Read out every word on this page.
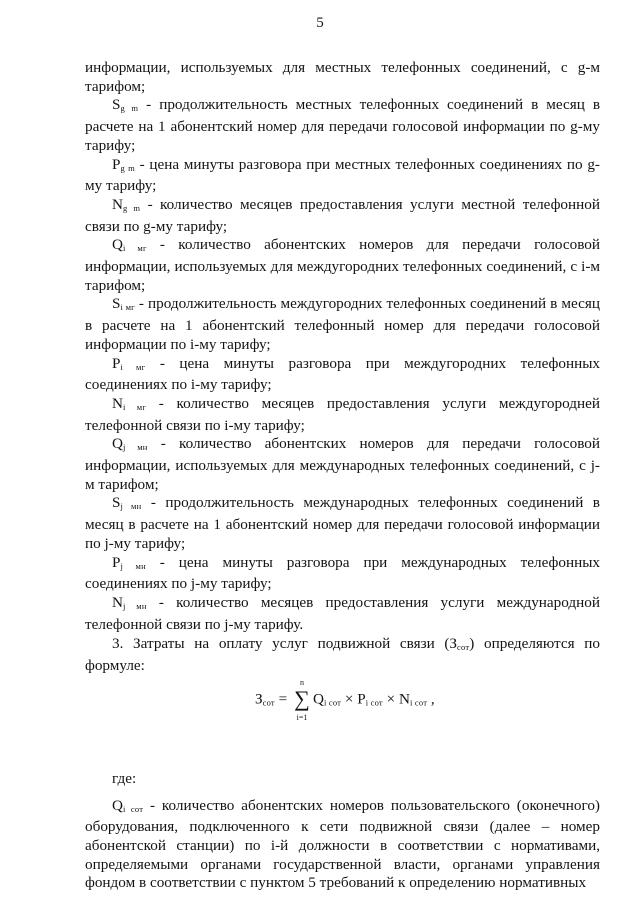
5

информации, используемых для местных телефонных соединений, с g-м тарифом;

$S_{g m}$ - продолжительность местных телефонных соединений в месяц в расчете на 1 абонентский номер для передачи голосовой информации по g-му тарифу;

$P_{g m}$ - цена минуты разговора при местных телефонных соединениях по g-му тарифу;

$N_{g m}$ - количество месяцев предоставления услуги местной телефонной связи по g-му тарифу;

$Q_{i мг}$ - количество абонентских номеров для передачи голосовой информации, используемых для междугородних телефонных соединений, с i-м тарифом;

$S_{i мг}$ - продолжительность междугородних телефонных соединений в месяц в расчете на 1 абонентский телефонный номер для передачи голосовой информации по i-му тарифу;

$P_{i мг}$ - цена минуты разговора при междугородних телефонных соединениях по i-му тарифу;

$N_{i мг}$ - количество месяцев предоставления услуги междугородней телефонной связи по i-му тарифу;

$Q_{j мн}$ - количество абонентских номеров для передачи голосовой информации, используемых для международных телефонных соединений, с j-м тарифом;

$S_{j мн}$ - продолжительность международных телефонных соединений в месяц в расчете на 1 абонентский номер для передачи голосовой информации по j-му тарифу;

$P_{j мн}$ - цена минуты разговора при международных телефонных соединениях по j-му тарифу;

$N_{j мн}$ - количество месяцев предоставления услуги международной телефонной связи по j-му тарифу.

3. Затраты на оплату услуг подвижной связи $(З_{сот})$ определяются по формуле:

$З_{сот}$ =
n
∑
i=1
$Q_{i сот} \times P_{i сот} \times N_{i сот}$ ,

где:

$Q_{i сот}$ - количество абонентских номеров пользовательского (оконечного) оборудования, подключенного к сети подвижной связи (далее – номер абонентской станции) по i-й должности в соответствии с нормативами, определяемыми органами государственной власти, органами управления фондом в соответствии с пунктом 5 требований к определению нормативных
